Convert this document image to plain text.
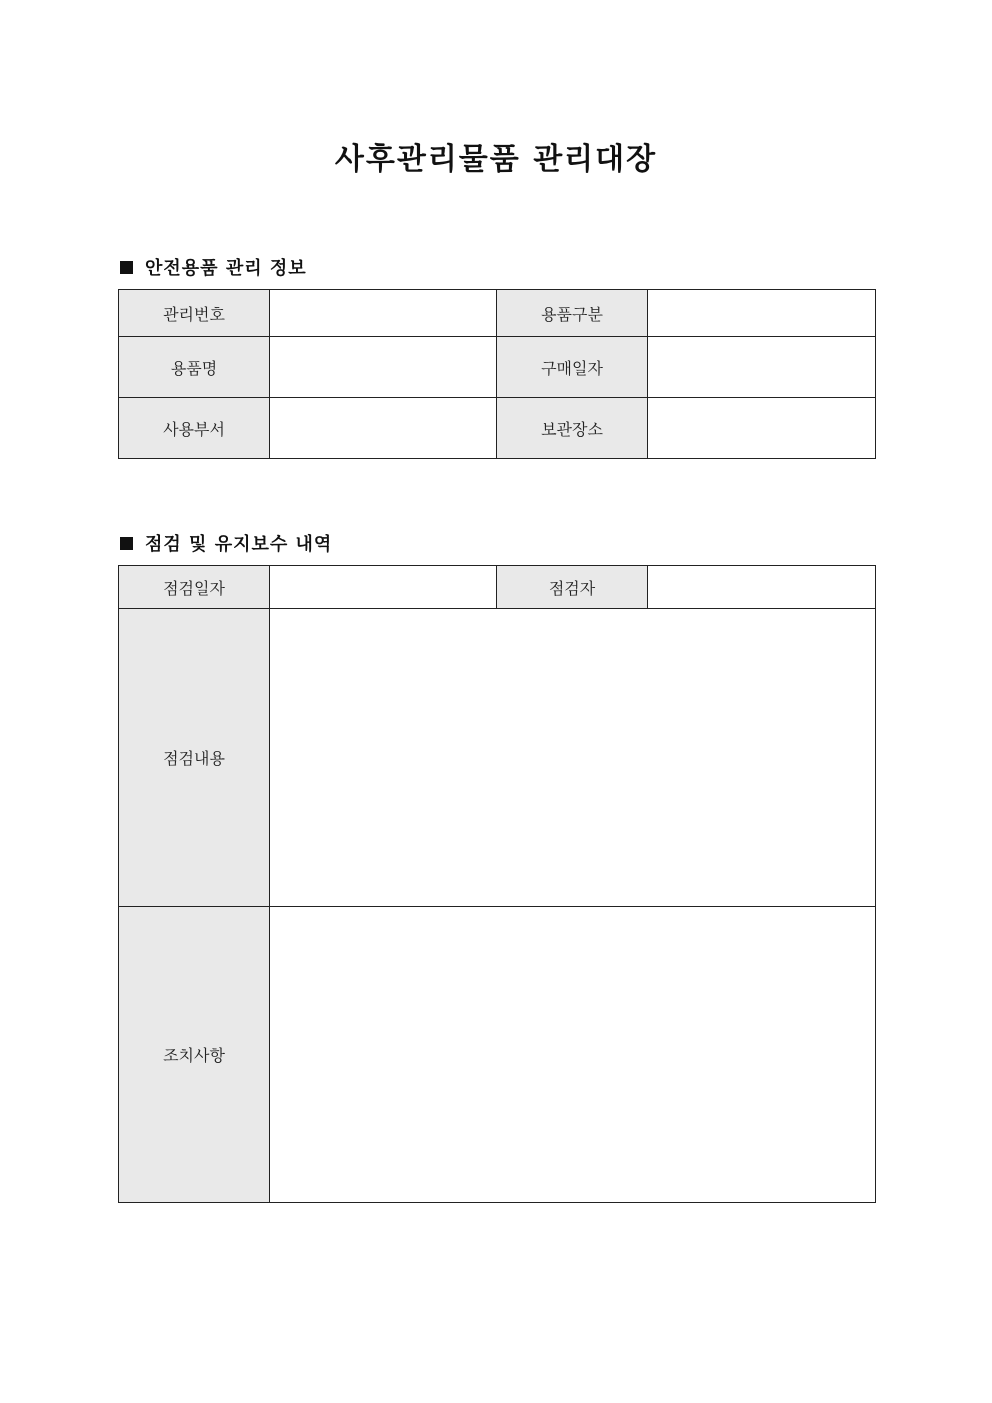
사후관리물품 관리대장
안전용품 관리 정보
관리번호		용품구분	
용품명		구매일자	
사용부서		보관장소	
점검 및 유지보수 내역
점검일자		점검자	
점검내용			
조치사항			
